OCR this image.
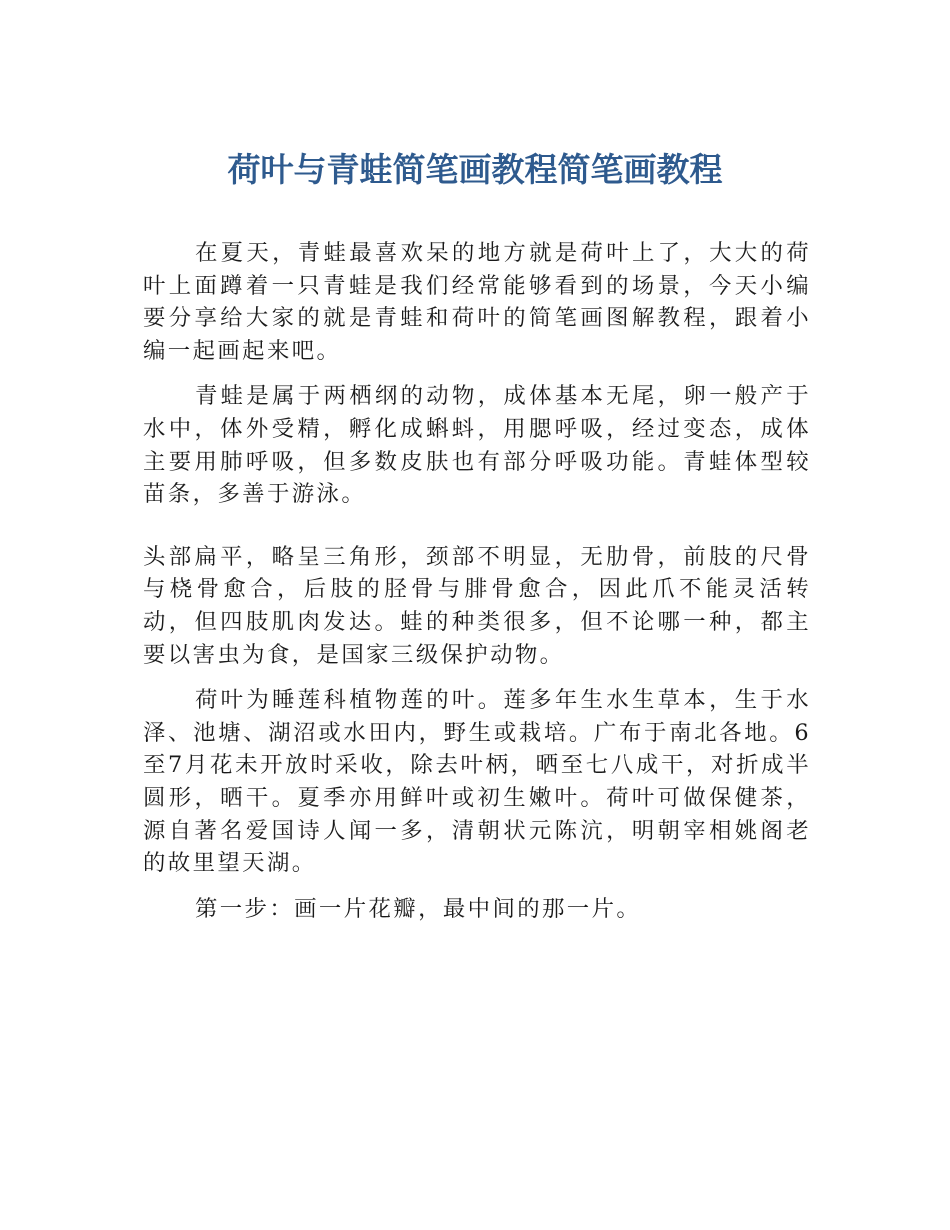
荷叶与青蛙简笔画教程简笔画教程

在夏天，青蛙最喜欢呆的地方就是荷叶上了，大大的荷叶上面蹲着一只青蛙是我们经常能够看到的场景，今天小编要分享给大家的就是青蛙和荷叶的简笔画图解教程，跟着小编一起画起来吧。

青蛙是属于两栖纲的动物，成体基本无尾，卵一般产于水中，体外受精，孵化成蝌蚪，用腮呼吸，经过变态，成体主要用肺呼吸，但多数皮肤也有部分呼吸功能。青蛙体型较苗条，多善于游泳。

头部扁平，略呈三角形，颈部不明显，无肋骨，前肢的尺骨与桡骨愈合，后肢的胫骨与腓骨愈合，因此爪不能灵活转动，但四肢肌肉发达。蛙的种类很多，但不论哪一种，都主要以害虫为食，是国家三级保护动物。

荷叶为睡莲科植物莲的叶。莲多年生水生草本，生于水泽、池塘、湖沼或水田内，野生或栽培。广布于南北各地。6至7月花未开放时采收，除去叶柄，晒至七八成干，对折成半圆形，晒干。夏季亦用鲜叶或初生嫩叶。荷叶可做保健茶，源自著名爱国诗人闻一多，清朝状元陈沆，明朝宰相姚阁老的故里望天湖。

第一步：画一片花瓣，最中间的那一片。
